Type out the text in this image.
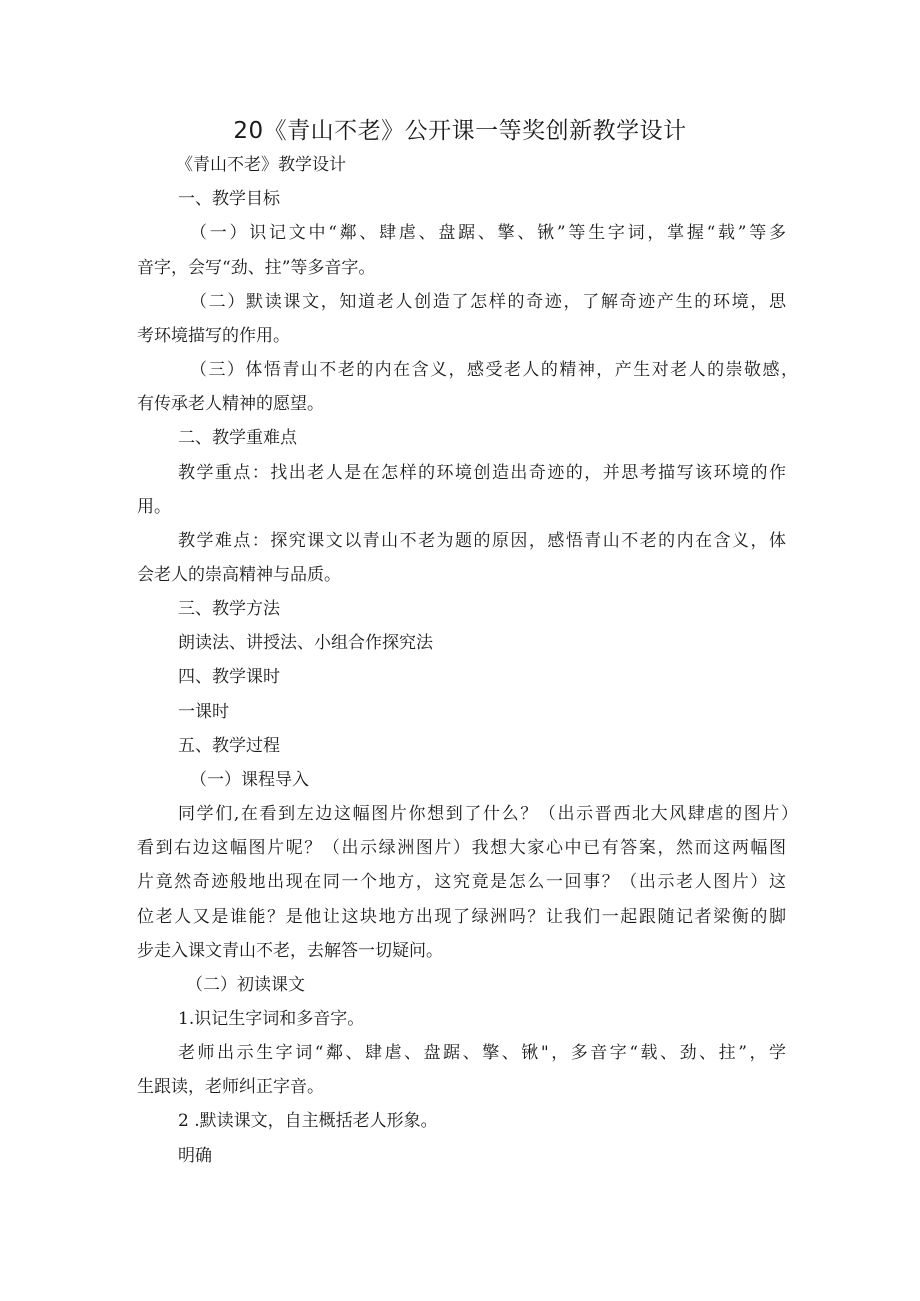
20《青山不老》公开课一等奖创新教学设计

《青山不老》教学设计

一、教学目标

（一）识记文中“鄰、肆虐、盘踞、擎、锹”等生字词，掌握“载”等多

音字，会写“劲、拄”等多音字。

（二）默读课文，知道老人创造了怎样的奇迹，了解奇迹产生的环境，思

考环境描写的作用。

（三）体悟青山不老的内在含义，感受老人的精神，产生对老人的崇敬感，

有传承老人精神的愿望。

二、教学重难点

教学重点：找出老人是在怎样的环境创造出奇迹的，并思考描写该环境的作

用。

教学难点：探究课文以青山不老为题的原因，感悟青山不老的内在含义，体

会老人的崇高精神与品质。

三、教学方法

朗读法、讲授法、小组合作探究法

四、教学课时

一课时

五、教学过程

（一）课程导入

同学们,在看到左边这幅图片你想到了什么？（出示晋西北大风肆虐的图片）

看到右边这幅图片呢？（出示绿洲图片）我想大家心中已有答案，然而这两幅图

片竟然奇迹般地出现在同一个地方，这究竟是怎么一回事？（出示老人图片）这

位老人又是谁能？是他让这块地方出现了绿洲吗？让我们一起跟随记者梁衡的脚

步走入课文青山不老，去解答一切疑问。

（二）初读课文

1.识记生字词和多音字。

老师出示生字词“鄰、肆虐、盘踞、擎、锹"，多音字“载、劲、拄”，学

生跟读，老师纠正字音。

2 .默读课文，自主概括老人形象。

明确
